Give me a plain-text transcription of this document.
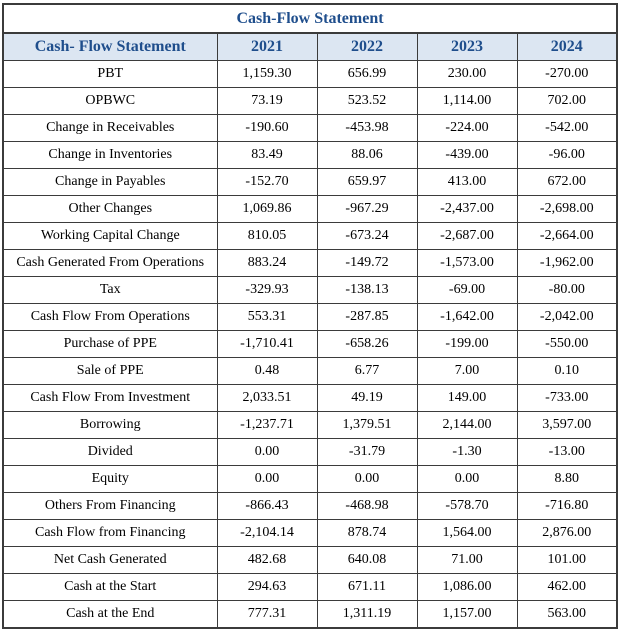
Cash-Flow Statement				
Cash- Flow Statement	2021	2022	2023	2024
PBT	1,159.30	656.99	230.00	-270.00
OPBWC	73.19	523.52	1,114.00	702.00
Change in Receivables	-190.60	-453.98	-224.00	-542.00
Change in Inventories	83.49	88.06	-439.00	-96.00
Change in Payables	-152.70	659.97	413.00	672.00
Other Changes	1,069.86	-967.29	-2,437.00	-2,698.00
Working Capital Change	810.05	-673.24	-2,687.00	-2,664.00
Cash Generated From Operations	883.24	-149.72	-1,573.00	-1,962.00
Tax	-329.93	-138.13	-69.00	-80.00
Cash Flow From Operations	553.31	-287.85	-1,642.00	-2,042.00
Purchase of PPE	-1,710.41	-658.26	-199.00	-550.00
Sale of PPE	0.48	6.77	7.00	0.10
Cash Flow From Investment	2,033.51	49.19	149.00	-733.00
Borrowing	-1,237.71	1,379.51	2,144.00	3,597.00
Divided	0.00	-31.79	-1.30	-13.00
Equity	0.00	0.00	0.00	8.80
Others From Financing	-866.43	-468.98	-578.70	-716.80
Cash Flow from Financing	-2,104.14	878.74	1,564.00	2,876.00
Net Cash Generated	482.68	640.08	71.00	101.00
Cash at the Start	294.63	671.11	1,086.00	462.00
Cash at the End	777.31	1,311.19	1,157.00	563.00
